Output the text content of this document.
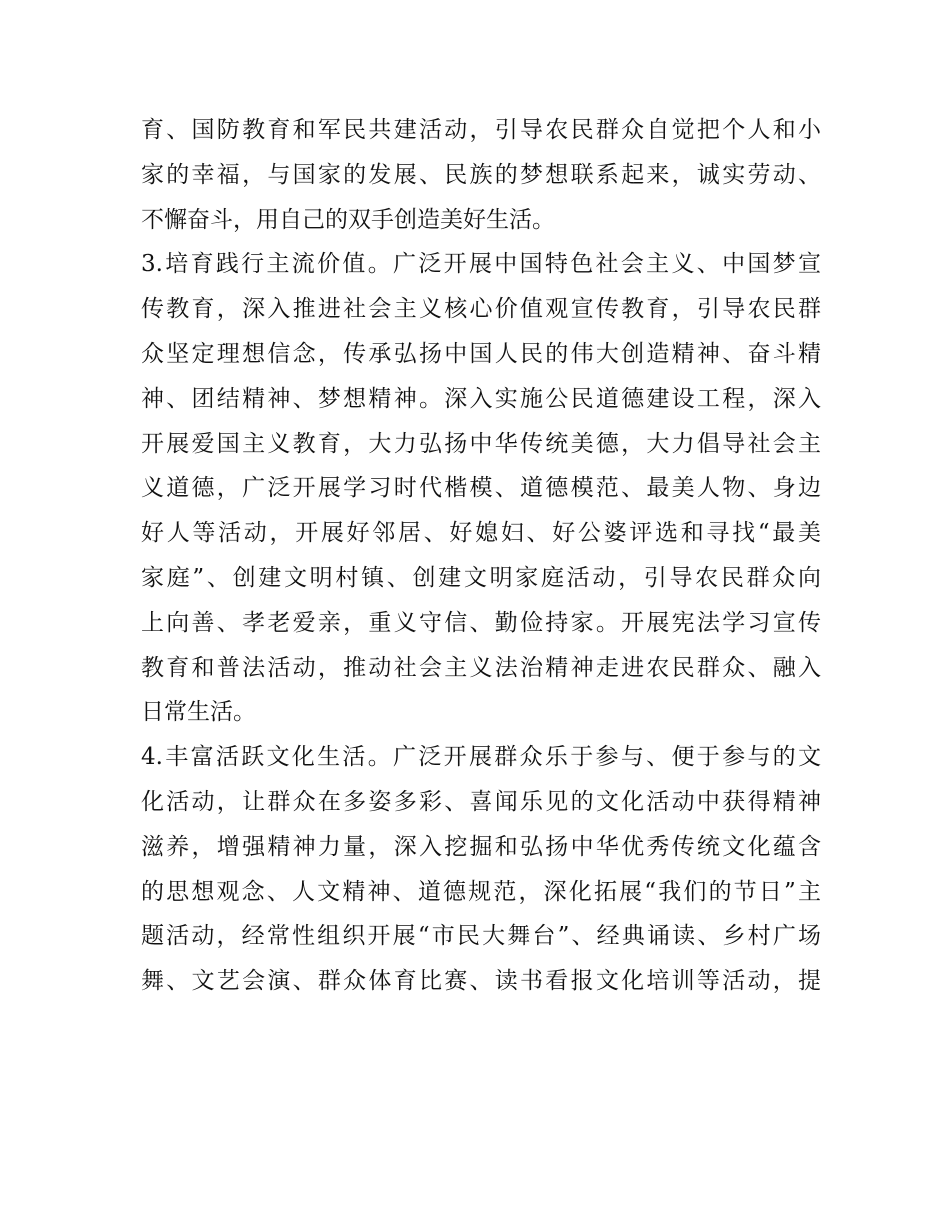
育、国防教育和军民共建活动，引导农民群众自觉把个人和小
家的幸福，与国家的发展、民族的梦想联系起来，诚实劳动、
不懈奋斗，用自己的双手创造美好生活。
3.培育践行主流价值。广泛开展中国特色社会主义、中国梦宣
传教育，深入推进社会主义核心价值观宣传教育，引导农民群
众坚定理想信念，传承弘扬中国人民的伟大创造精神、奋斗精
神、团结精神、梦想精神。深入实施公民道德建设工程，深入
开展爱国主义教育，大力弘扬中华传统美德，大力倡导社会主
义道德，广泛开展学习时代楷模、道德模范、最美人物、身边
好人等活动，开展好邻居、好媳妇、好公婆评选和寻找“最美
家庭”、创建文明村镇、创建文明家庭活动，引导农民群众向
上向善、孝老爱亲，重义守信、勤俭持家。开展宪法学习宣传
教育和普法活动，推动社会主义法治精神走进农民群众、融入
日常生活。
4.丰富活跃文化生活。广泛开展群众乐于参与、便于参与的文
化活动，让群众在多姿多彩、喜闻乐见的文化活动中获得精神
滋养，增强精神力量，深入挖掘和弘扬中华优秀传统文化蕴含
的思想观念、人文精神、道德规范，深化拓展“我们的节日”主
题活动，经常性组织开展“市民大舞台”、经典诵读、乡村广场
舞、文艺会演、群众体育比赛、读书看报文化培训等活动，提
